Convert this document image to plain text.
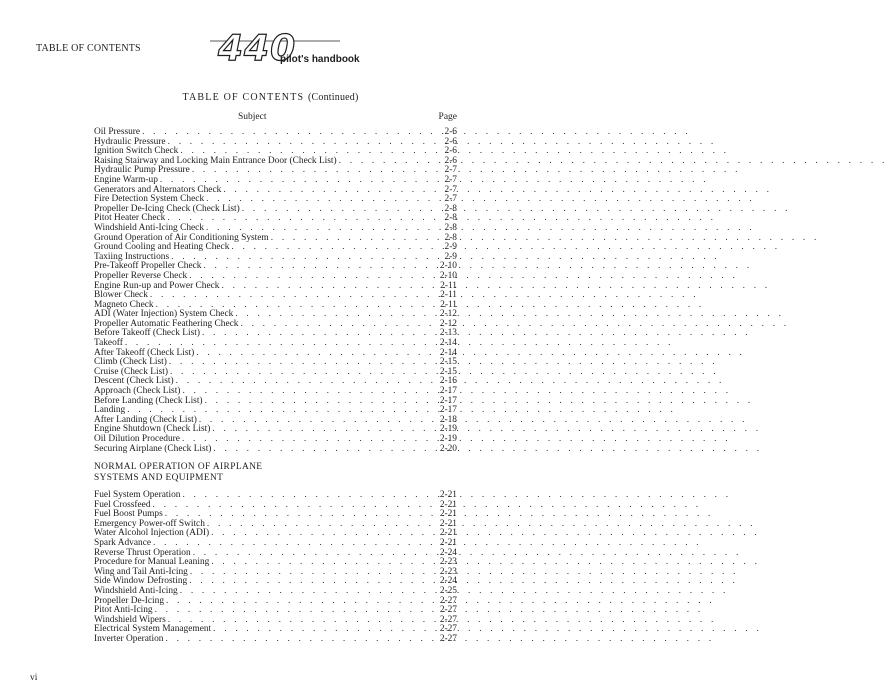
TABLE OF CONTENTS 440
pilot's handbook
TABLE OF CONTENTS (Continued)
Subject	Page
Oil Pressure . . .	2-6
Hydraulic Pressure . . .	2-6
Ignition Switch Check . . .	2-6
Raising Stairway and Locking Main Entrance Door (Check List) . . .	2-6
Hydraulic Pump Pressure . . .	2-7
Engine Warm-up . . .	2-7
Generators and Alternators Check . . .	2-7
Fire Detection System Check . . .	2-7
Propeller De-Icing Check (Check List) . . .	2-8
Pitot Heater Check . . .	2-8
Windshield Anti-Icing Check . . .	2-8
Ground Operation of Air Conditioning System . . .	2-8
Ground Cooling and Heating Check . . .	2-9
Taxiing Instructions . . .	2-9
Pre-Takeoff Propeller Check . . .	2-10
Propeller Reverse Check . . .	2-10
Engine Run-up and Power Check . . .	2-11
Blower Check . . .	2-11
Magneto Check . . .	2-11
ADI (Water Injection) System Check . . .	2-12
Propeller Automatic Feathering Check . . .	2-12
Before Takeoff (Check List) . . .	2-13
Takeoff . . .	2-14
After Takeoff (Check List) . . .	2-14
Climb (Check List) . . .	2-15
Cruise (Check List) . . .	2-15
Descent (Check List) . . .	2-16
Approach (Check List) . . .	2-17
Before Landing (Check List) . . .	2-17
Landing . . .	2-17
After Landing (Check List) . . .	2-18
Engine Shutdown (Check List) . . .	2-19
Oil Dilution Procedure . . .	2-19
Securing Airplane (Check List) . . .	2-20
NORMAL OPERATION OF AIRPLANE
SYSTEMS AND EQUIPMENT
Fuel System Operation . . .	2-21
Fuel Crossfeed . . .	2-21
Fuel Boost Pumps . . .	2-21
Emergency Power-off Switch . . .	2-21
Water Alcohol Injection (ADI) . . .	2-21
Spark Advance . . .	2-21
Reverse Thrust Operation . . .	2-24
Procedure for Manual Leaning . . .	2-23
Wing and Tail Anti-Icing . . .	2-23
Side Window Defrosting . . .	2-24
Windshield Anti-Icing . . .	2-25
Propeller De-Icing . . .	2-27
Pitot Anti-Icing . . .	2-27
Windshield Wipers . . .	2-27
Electrical System Management . . .	2-27
Inverter Operation . . .	2-27
vi
